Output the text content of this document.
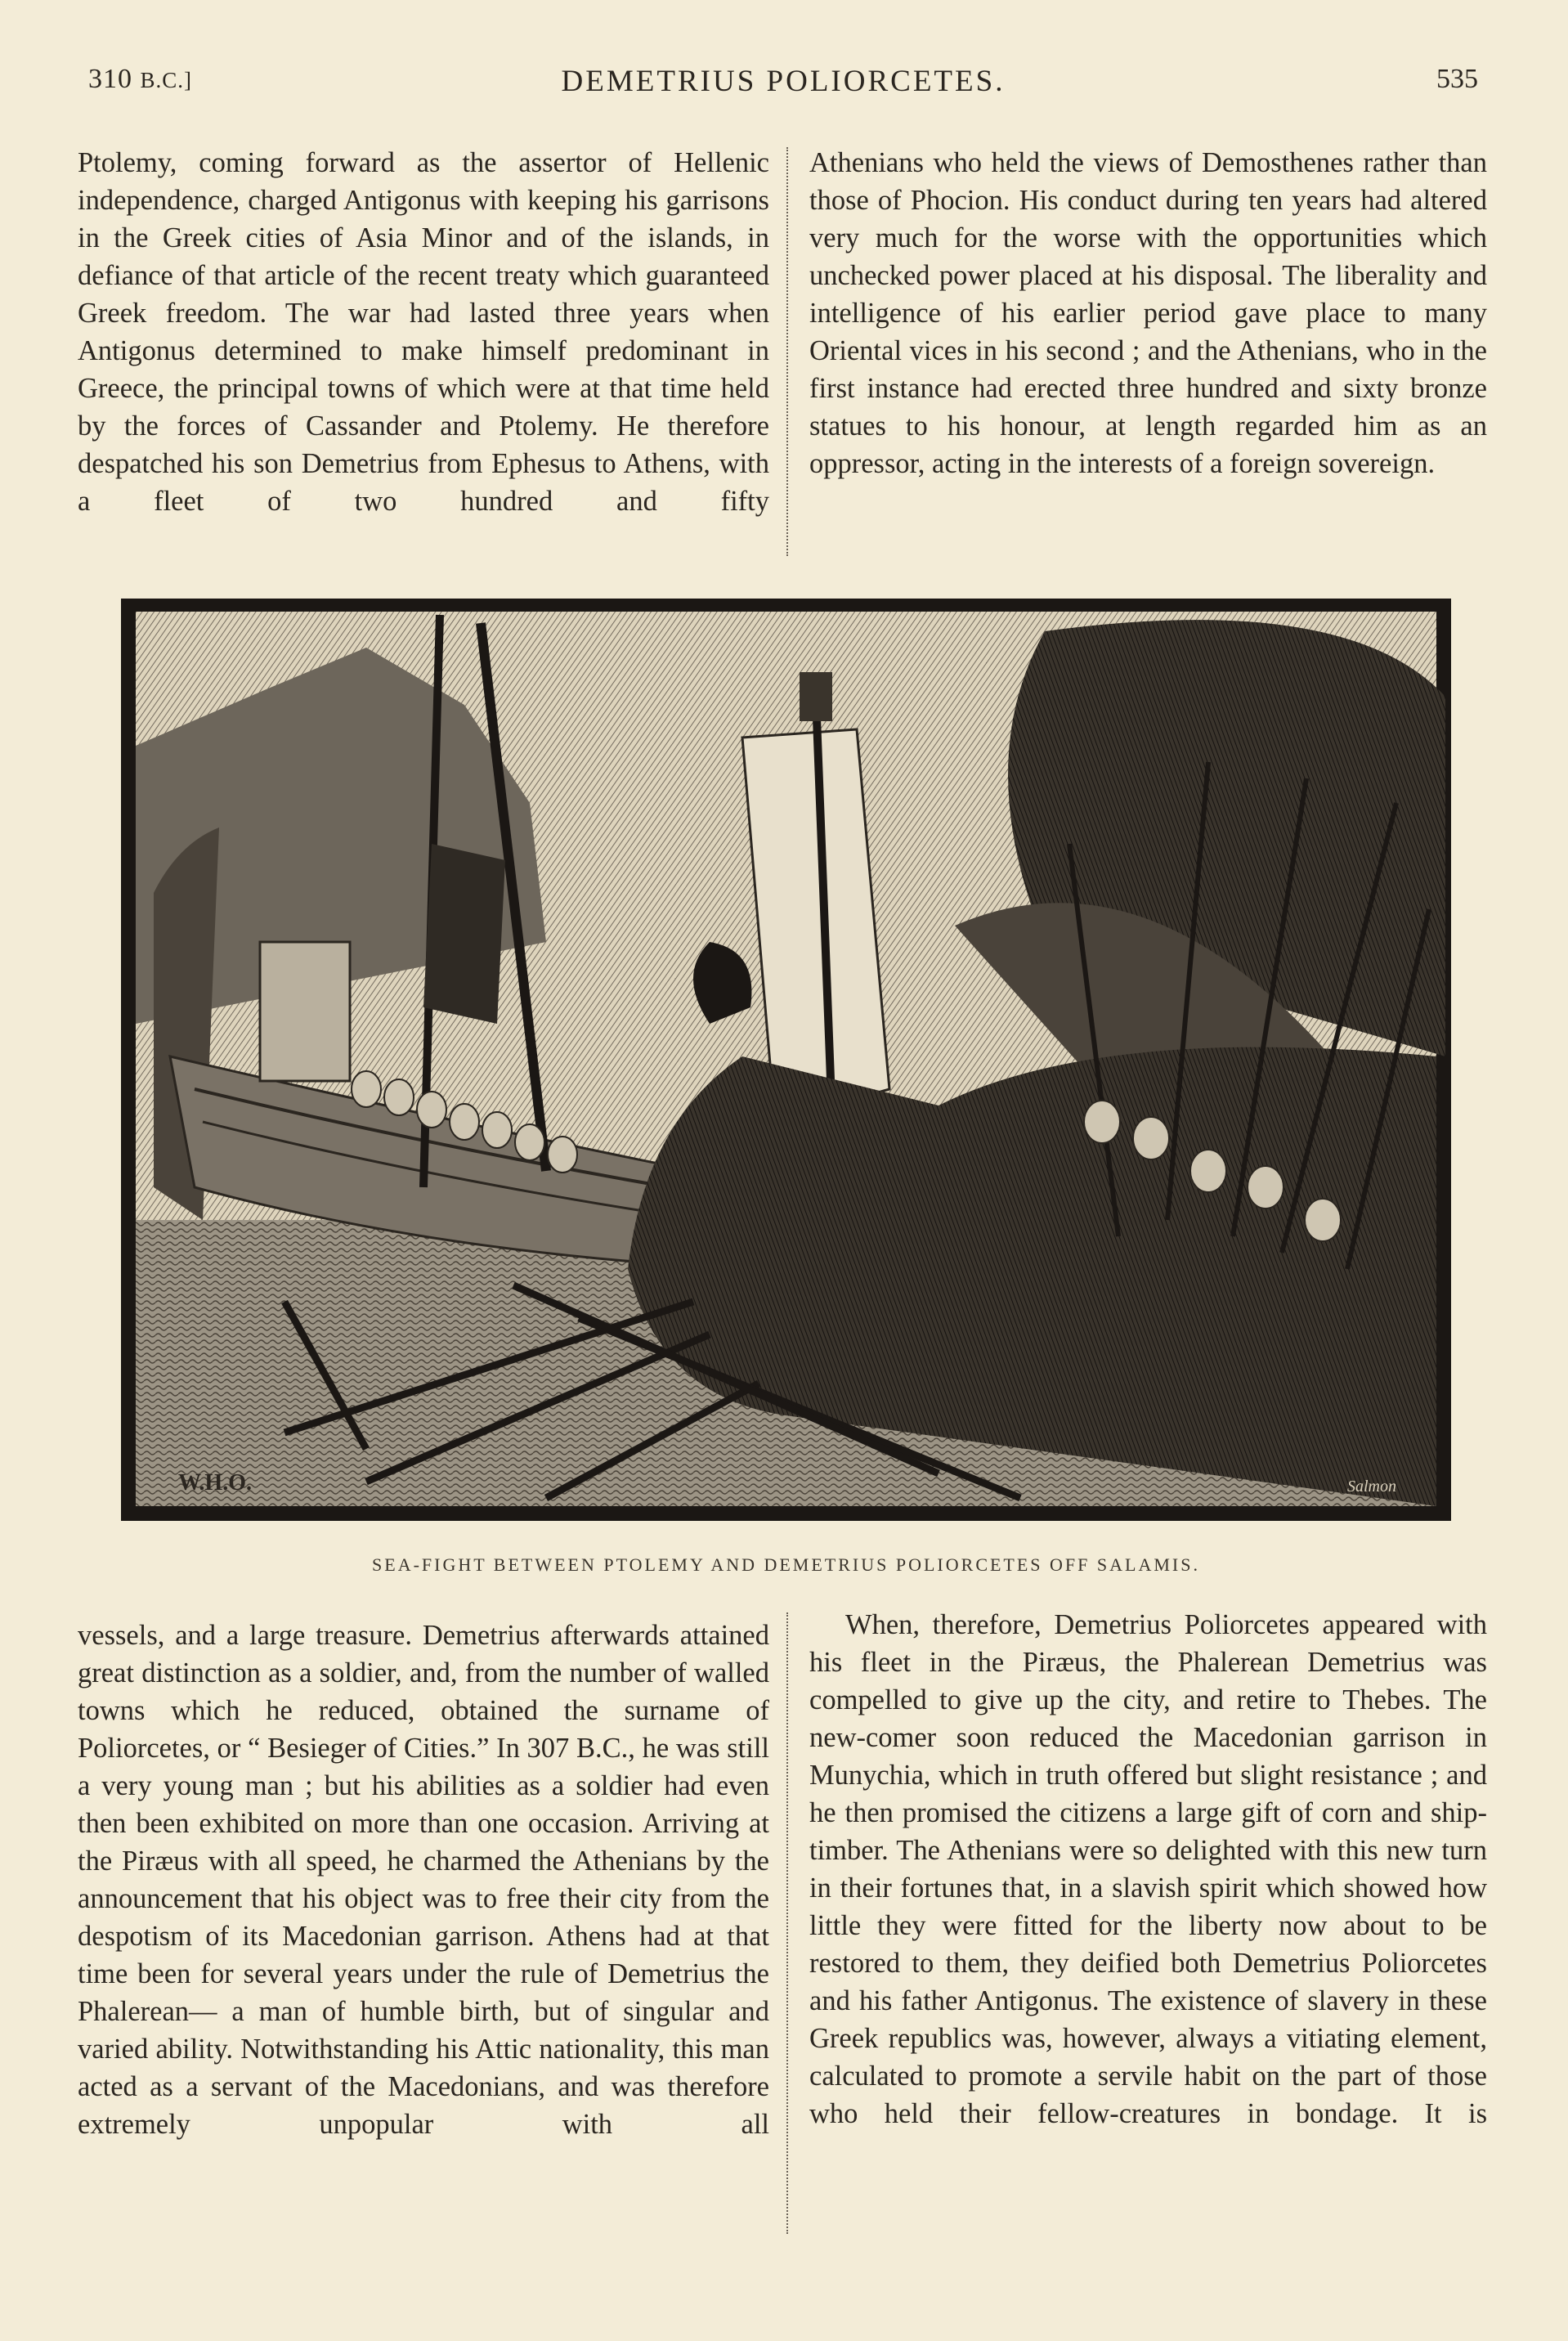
310 B.C.]	DEMETRIUS POLIORCETES.	535

Ptolemy, coming forward as the assertor of Hellenic independence, charged Antigonus with keeping his garrisons in the Greek cities of Asia Minor and of the islands, in defiance of that article of the recent treaty which guaranteed Greek freedom. The war had lasted three years when Antigonus determined to make himself predominant in Greece, the principal towns of which were at that time held by the forces of Cassander and Ptolemy. He therefore despatched his son Demetrius from Ephesus to Athens, with a fleet of two hundred and fifty

Athenians who held the views of Demosthenes rather than those of Phocion. His conduct during ten years had altered very much for the worse with the opportunities which unchecked power placed at his disposal. The liberality and intelligence of his earlier period gave place to many Oriental vices in his second ; and the Athenians, who in the first instance had erected three hundred and sixty bronze statues to his honour, at length regarded him as an oppressor, acting in the interests of a foreign sovereign.

W.H.O.	Salmon
SEA-FIGHT BETWEEN PTOLEMY AND DEMETRIUS POLIORCETES OFF SALAMIS.

vessels, and a large treasure. Demetrius afterwards attained great distinction as a soldier, and, from the number of walled towns which he reduced, obtained the surname of Poliorcetes, or “ Besieger of Cities.” In 307 B.C., he was still a very young man ; but his abilities as a soldier had even then been exhibited on more than one occasion. Arriving at the Piræus with all speed, he charmed the Athenians by the announcement that his object was to free their city from the despotism of its Macedonian garrison. Athens had at that time been for several years under the rule of Demetrius the Phalerean— a man of humble birth, but of singular and varied ability. Notwithstanding his Attic nationality, this man acted as a servant of the Macedonians, and was therefore extremely unpopular with all

When, therefore, Demetrius Poliorcetes appeared with his fleet in the Piræus, the Phalerean Demetrius was compelled to give up the city, and retire to Thebes. The new-comer soon reduced the Macedonian garrison in Munychia, which in truth offered but slight resistance ; and he then promised the citizens a large gift of corn and ship-timber. The Athenians were so delighted with this new turn in their fortunes that, in a slavish spirit which showed how little they were fitted for the liberty now about to be restored to them, they deified both Demetrius Poliorcetes and his father Antigonus. The existence of slavery in these Greek republics was, however, always a vitiating element, calculated to promote a servile habit on the part of those who held their fellow-creatures in bondage. It is
